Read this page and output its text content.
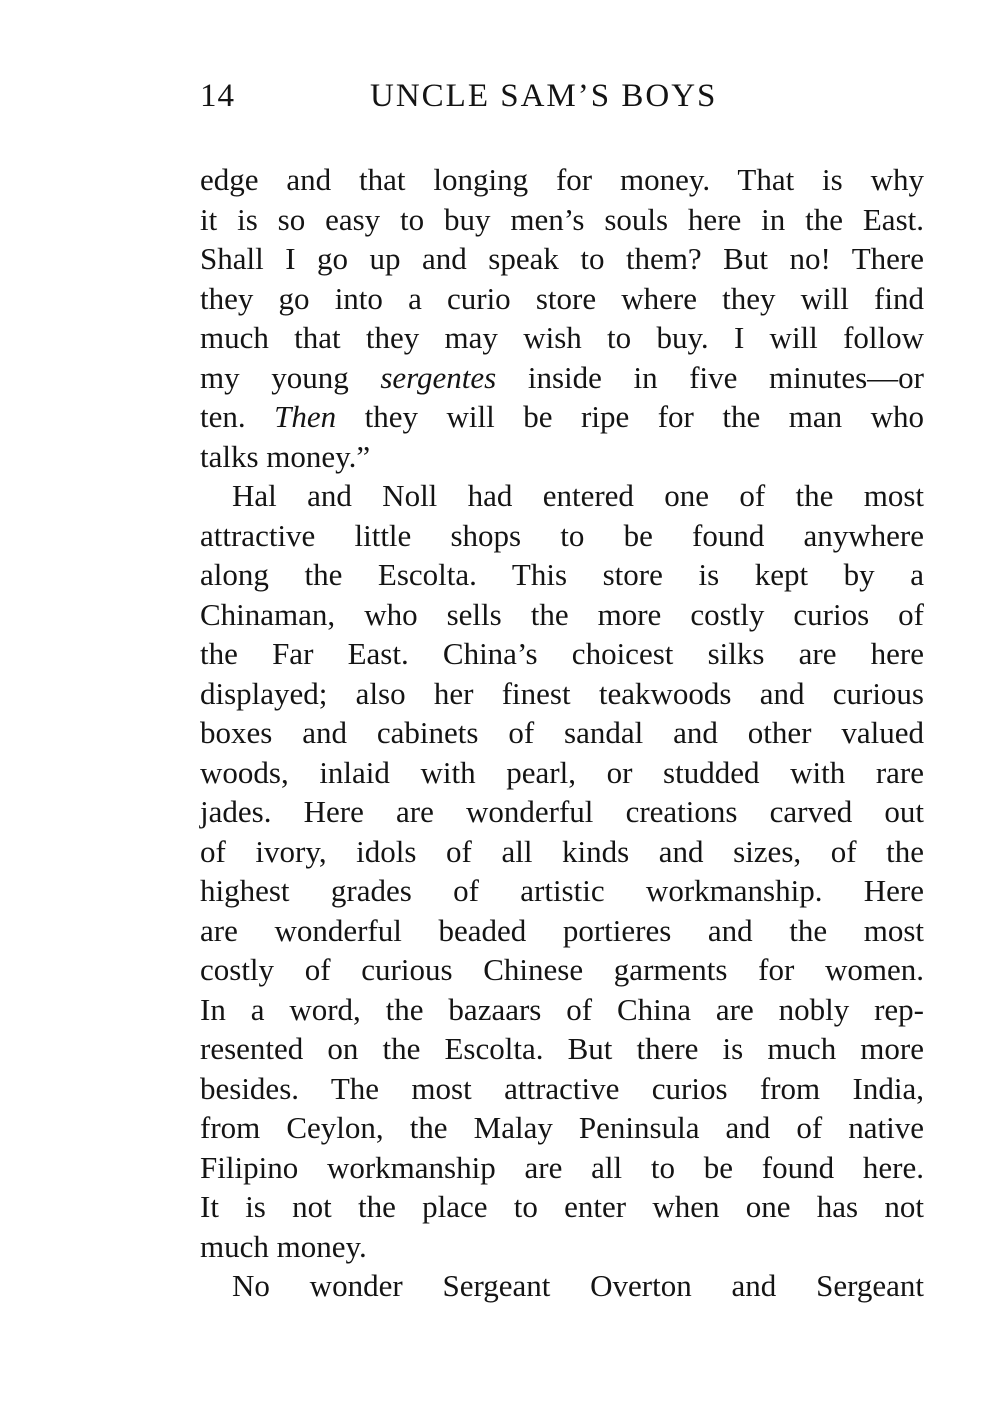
14	UNCLE SAM’S BOYS
edge and that longing for money. That is why
it is so easy to buy men’s souls here in the East.
Shall I go up and speak to them? But no! There
they go into a curio store where they will find
much that they may wish to buy. I will follow
my young sergentes inside in five minutes—or
ten. Then they will be ripe for the man who
talks money.”
Hal and Noll had entered one of the most
attractive little shops to be found anywhere
along the Escolta. This store is kept by a
Chinaman, who sells the more costly curios of
the Far East. China’s choicest silks are here
displayed; also her finest teakwoods and curious
boxes and cabinets of sandal and other valued
woods, inlaid with pearl, or studded with rare
jades. Here are wonderful creations carved out
of ivory, idols of all kinds and sizes, of the
highest grades of artistic workmanship. Here
are wonderful beaded portieres and the most
costly of curious Chinese garments for women.
In a word, the bazaars of China are nobly rep-
resented on the Escolta. But there is much more
besides. The most attractive curios from India,
from Ceylon, the Malay Peninsula and of native
Filipino workmanship are all to be found here.
It is not the place to enter when one has not
much money.
No wonder Sergeant Overton and Sergeant
